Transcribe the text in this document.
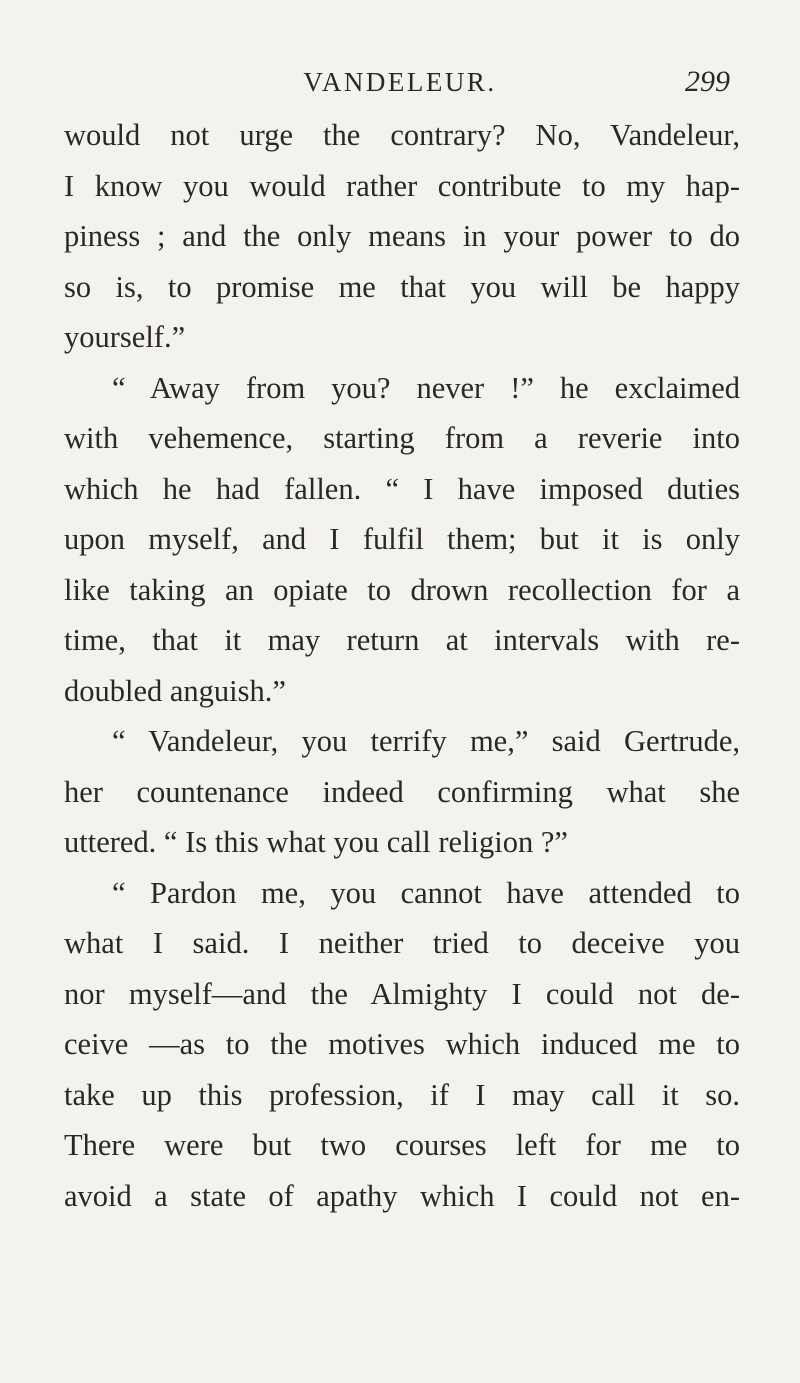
VANDELEUR.	299
would not urge the contrary? No, Vandeleur,
I know you would rather contribute to my hap-
piness ; and the only means in your power to do
so is, to promise me that you will be happy
yourself.”
“ Away from you? never !” he exclaimed
with vehemence, starting from a reverie into
which he had fallen. “ I have imposed duties
upon myself, and I fulfil them; but it is only
like taking an opiate to drown recollection for a
time, that it may return at intervals with re-
doubled anguish.”
“ Vandeleur, you terrify me,” said Gertrude,
her countenance indeed confirming what she
uttered. “ Is this what you call religion ?”
“ Pardon me, you cannot have attended to
what I said. I neither tried to deceive you
nor myself—and the Almighty I could not de-
ceive —as to the motives which induced me to
take up this profession, if I may call it so.
There were but two courses left for me to
avoid a state of apathy which I could not en-
